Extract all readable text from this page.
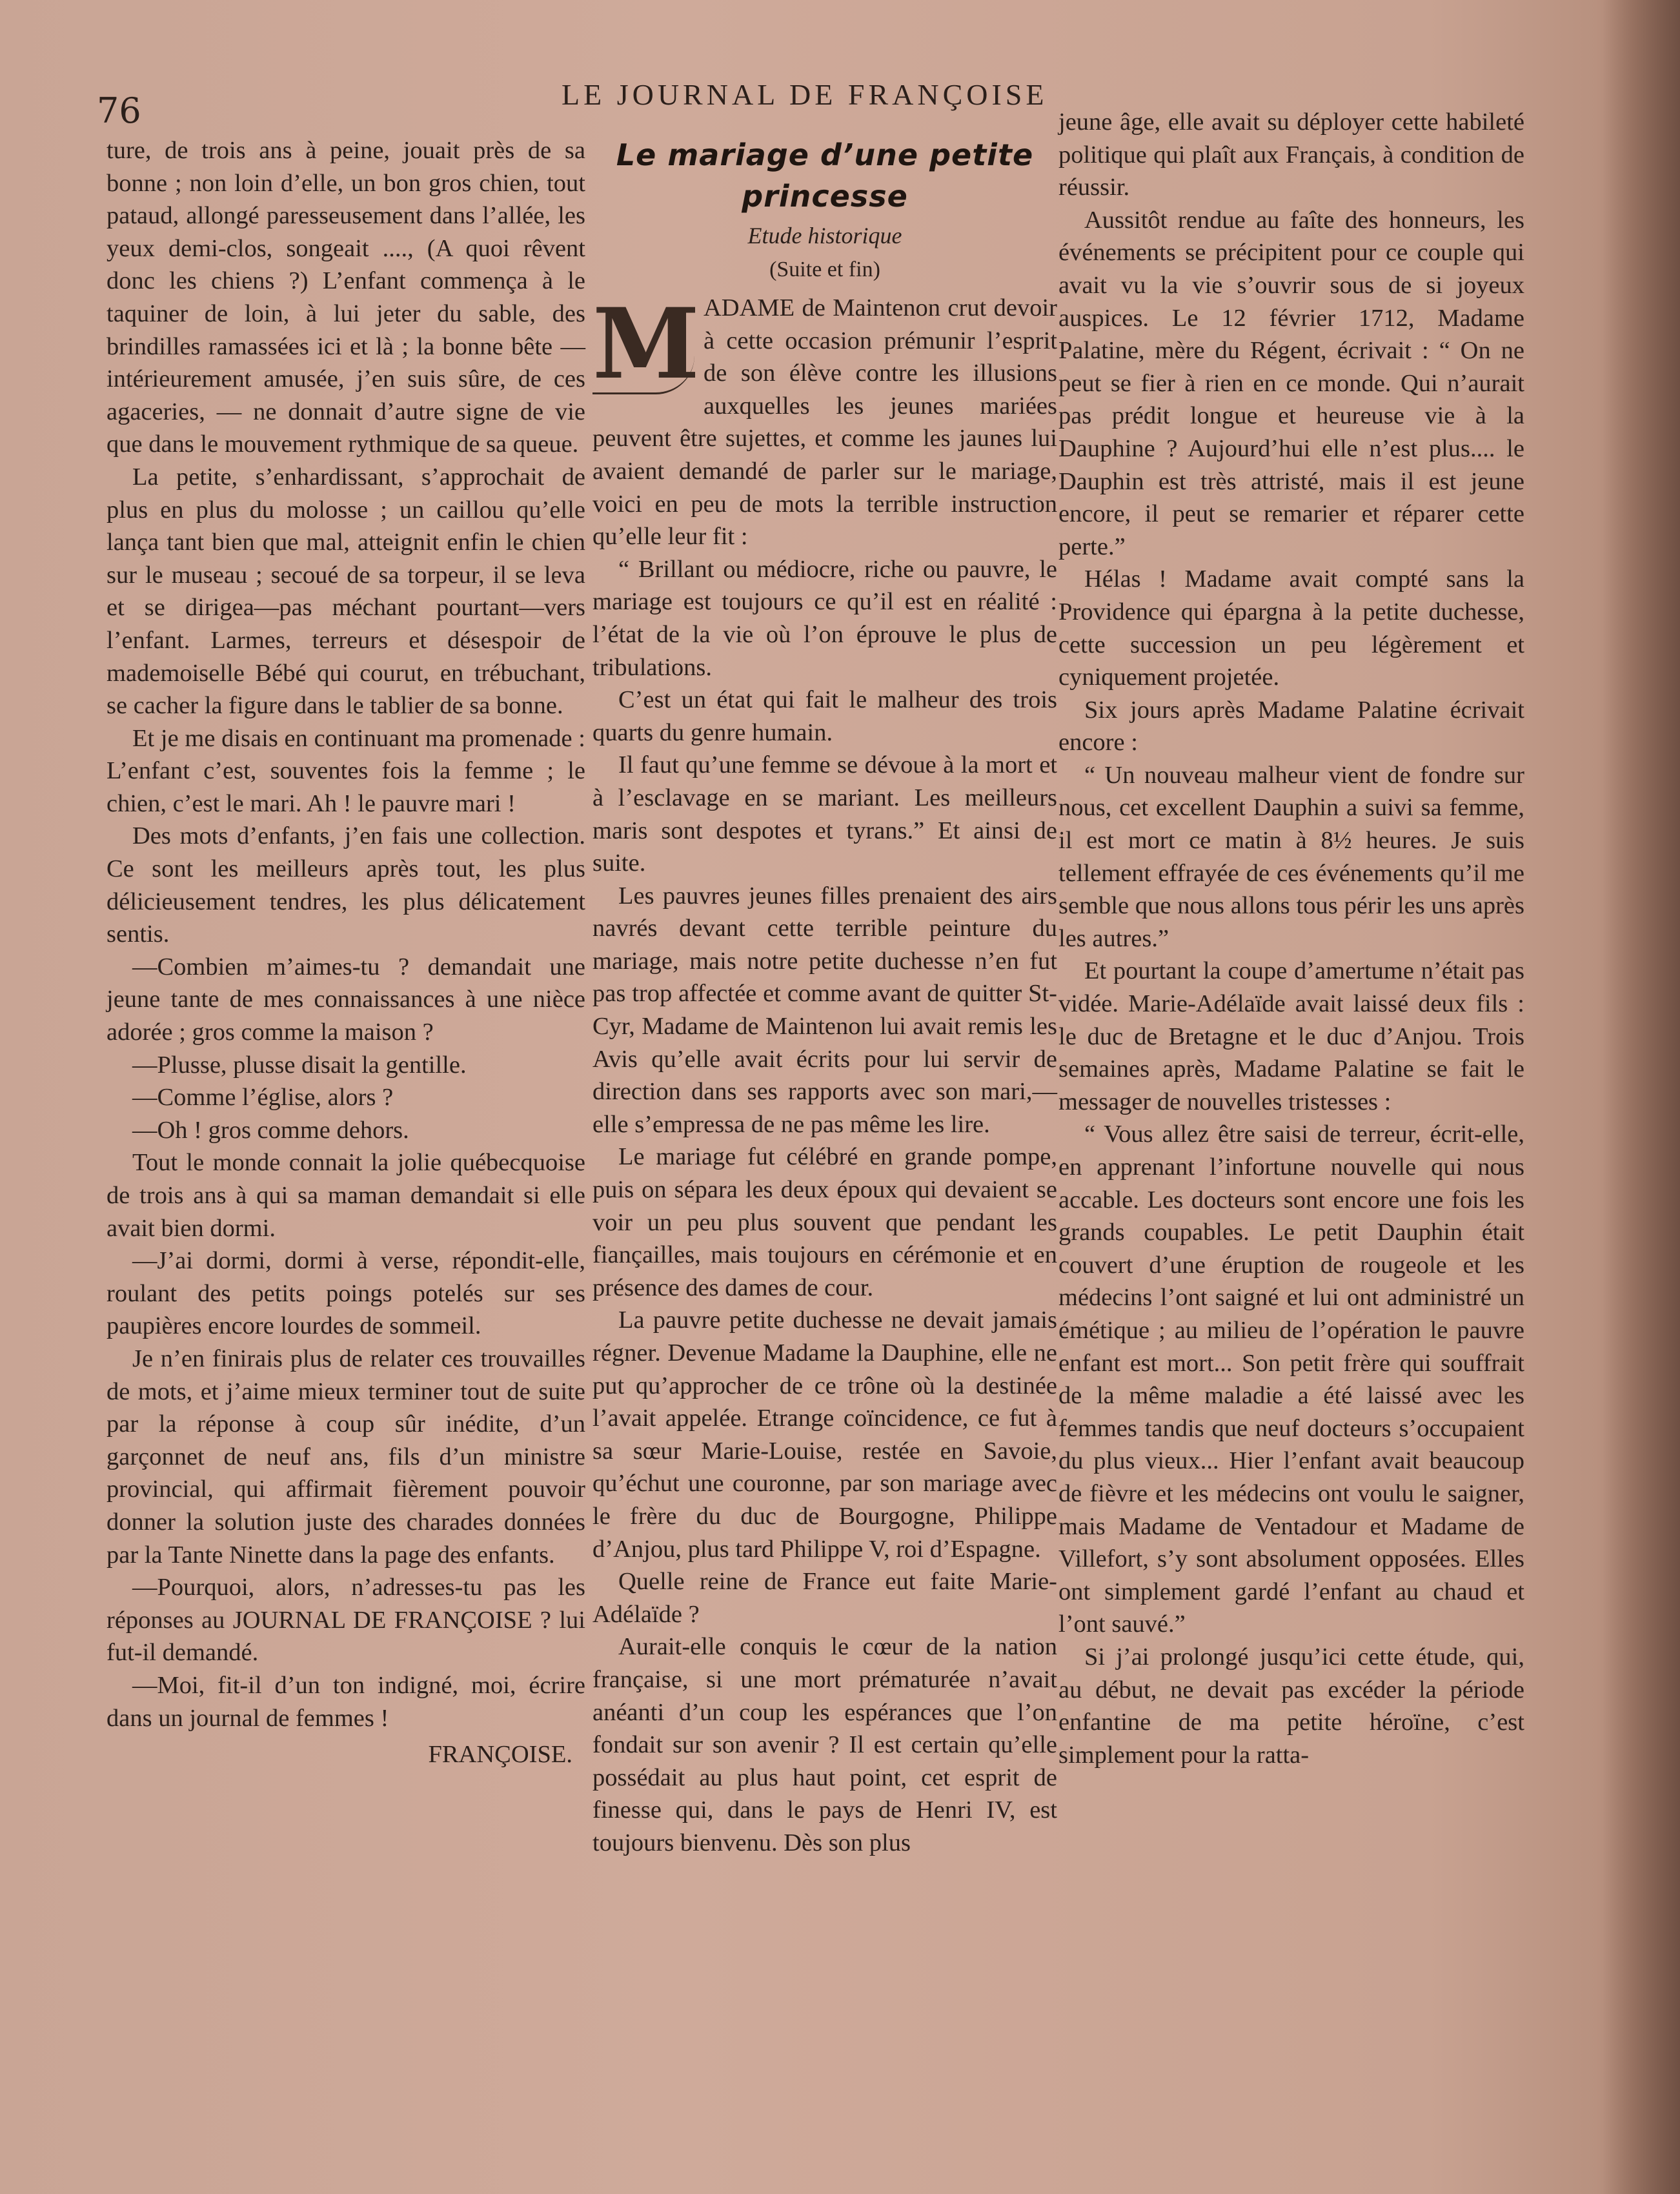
76	LE JOURNAL DE FRANÇOISE

ture, de trois ans à peine, jouait près de sa bonne ; non loin d’elle, un bon gros chien, tout pataud, allongé paresseusement dans l’allée, les yeux demi-clos, songeait ...., (A quoi rêvent donc les chiens ?) L’enfant commença à le taquiner de loin, à lui jeter du sable, des brindilles ramassées ici et là ; la bonne bête — intérieurement amusée, j’en suis sûre, de ces agaceries, — ne donnait d’autre signe de vie que dans le mouvement rythmique de sa queue.

La petite, s’enhardissant, s’approchait de plus en plus du molosse ; un caillou qu’elle lança tant bien que mal, atteignit enfin le chien sur le museau ; secoué de sa torpeur, il se leva et se dirigea—pas méchant pourtant—vers l’enfant. Larmes, terreurs et désespoir de mademoiselle Bébé qui courut, en trébuchant, se cacher la figure dans le tablier de sa bonne.

Et je me disais en continuant ma promenade : L’enfant c’est, souventes fois la femme ; le chien, c’est le mari. Ah ! le pauvre mari !

Des mots d’enfants, j’en fais une collection. Ce sont les meilleurs après tout, les plus délicieusement tendres, les plus délicatement sentis.

—Combien m’aimes-tu ? demandait une jeune tante de mes connaissances à une nièce adorée ; gros comme la maison ?

—Plusse, plusse disait la gentille.

—Comme l’église, alors ?

—Oh ! gros comme dehors.

Tout le monde connait la jolie québecquoise de trois ans à qui sa maman demandait si elle avait bien dormi.

—J’ai dormi, dormi à verse, répondit-elle, roulant des petits poings potelés sur ses paupières encore lourdes de sommeil.

Je n’en finirais plus de relater ces trouvailles de mots, et j’aime mieux terminer tout de suite par la réponse à coup sûr inédite, d’un garçonnet de neuf ans, fils d’un ministre provincial, qui affirmait fièrement pouvoir donner la solution juste des charades données par la Tante Ninette dans la page des enfants.

—Pourquoi, alors, n’adresses-tu pas les réponses au JOURNAL DE FRANÇOISE ? lui fut-il demandé.

—Moi, fit-il d’un ton indigné, moi, écrire dans un journal de femmes !

FRANÇOISE.

Le mariage d’une petite princesse

Etude historique

(Suite et fin)

M ADAME de Maintenon crut devoir à cette occasion prémunir l’esprit de son élève contre les illusions auxquelles les jeunes mariées peuvent être sujettes, et comme les jaunes lui avaient demandé de parler sur le mariage, voici en peu de mots la terrible instruction qu’elle leur fit :

“ Brillant ou médiocre, riche ou pauvre, le mariage est toujours ce qu’il est en réalité : l’état de la vie où l’on éprouve le plus de tribulations.

C’est un état qui fait le malheur des trois quarts du genre humain.

Il faut qu’une femme se dévoue à la mort et à l’esclavage en se mariant. Les meilleurs maris sont despotes et tyrans.” Et ainsi de suite.

Les pauvres jeunes filles prenaient des airs navrés devant cette terrible peinture du mariage, mais notre petite duchesse n’en fut pas trop affectée et comme avant de quitter St-Cyr, Madame de Maintenon lui avait remis les Avis qu’elle avait écrits pour lui servir de direction dans ses rapports avec son mari,—elle s’empressa de ne pas même les lire.

Le mariage fut célébré en grande pompe, puis on sépara les deux époux qui devaient se voir un peu plus souvent que pendant les fiançailles, mais toujours en cérémonie et en présence des dames de cour.

La pauvre petite duchesse ne devait jamais régner. Devenue Madame la Dauphine, elle ne put qu’approcher de ce trône où la destinée l’avait appelée. Etrange coïncidence, ce fut à sa sœur Marie-Louise, restée en Savoie, qu’échut une couronne, par son mariage avec le frère du duc de Bourgogne, Philippe d’Anjou, plus tard Philippe V, roi d’Espagne.

Quelle reine de France eut faite Marie-Adélaïde ?

Aurait-elle conquis le cœur de la nation française, si une mort prématurée n’avait anéanti d’un coup les espérances que l’on fondait sur son avenir ? Il est certain qu’elle possédait au plus haut point, cet esprit de finesse qui, dans le pays de Henri IV, est toujours bienvenu. Dès son plus

jeune âge, elle avait su déployer cette habileté politique qui plaît aux Français, à condition de réussir.

Aussitôt rendue au faîte des honneurs, les événements se précipitent pour ce couple qui avait vu la vie s’ouvrir sous de si joyeux auspices. Le 12 février 1712, Madame Palatine, mère du Régent, écrivait : “ On ne peut se fier à rien en ce monde. Qui n’aurait pas prédit longue et heureuse vie à la Dauphine ? Aujourd’hui elle n’est plus.... le Dauphin est très attristé, mais il est jeune encore, il peut se remarier et réparer cette perte.”

Hélas ! Madame avait compté sans la Providence qui épargna à la petite duchesse, cette succession un peu légèrement et cyniquement projetée.

Six jours après Madame Palatine écrivait encore :

“ Un nouveau malheur vient de fondre sur nous, cet excellent Dauphin a suivi sa femme, il est mort ce matin à 8½ heures. Je suis tellement effrayée de ces événements qu’il me semble que nous allons tous périr les uns après les autres.”

Et pourtant la coupe d’amertume n’était pas vidée. Marie-Adélaïde avait laissé deux fils : le duc de Bretagne et le duc d’Anjou. Trois semaines après, Madame Palatine se fait le messager de nouvelles tristesses :

“ Vous allez être saisi de terreur, écrit-elle, en apprenant l’infortune nouvelle qui nous accable. Les docteurs sont encore une fois les grands coupables. Le petit Dauphin était couvert d’une éruption de rougeole et les médecins l’ont saigné et lui ont administré un émétique ; au milieu de l’opération le pauvre enfant est mort... Son petit frère qui souffrait de la même maladie a été laissé avec les femmes tandis que neuf docteurs s’occupaient du plus vieux... Hier l’enfant avait beaucoup de fièvre et les médecins ont voulu le saigner, mais Madame de Ventadour et Madame de Villefort, s’y sont absolument opposées. Elles ont simplement gardé l’enfant au chaud et l’ont sauvé.”

Si j’ai prolongé jusqu’ici cette étude, qui, au début, ne devait pas excéder la période enfantine de ma petite héroïne, c’est simplement pour la ratta-
